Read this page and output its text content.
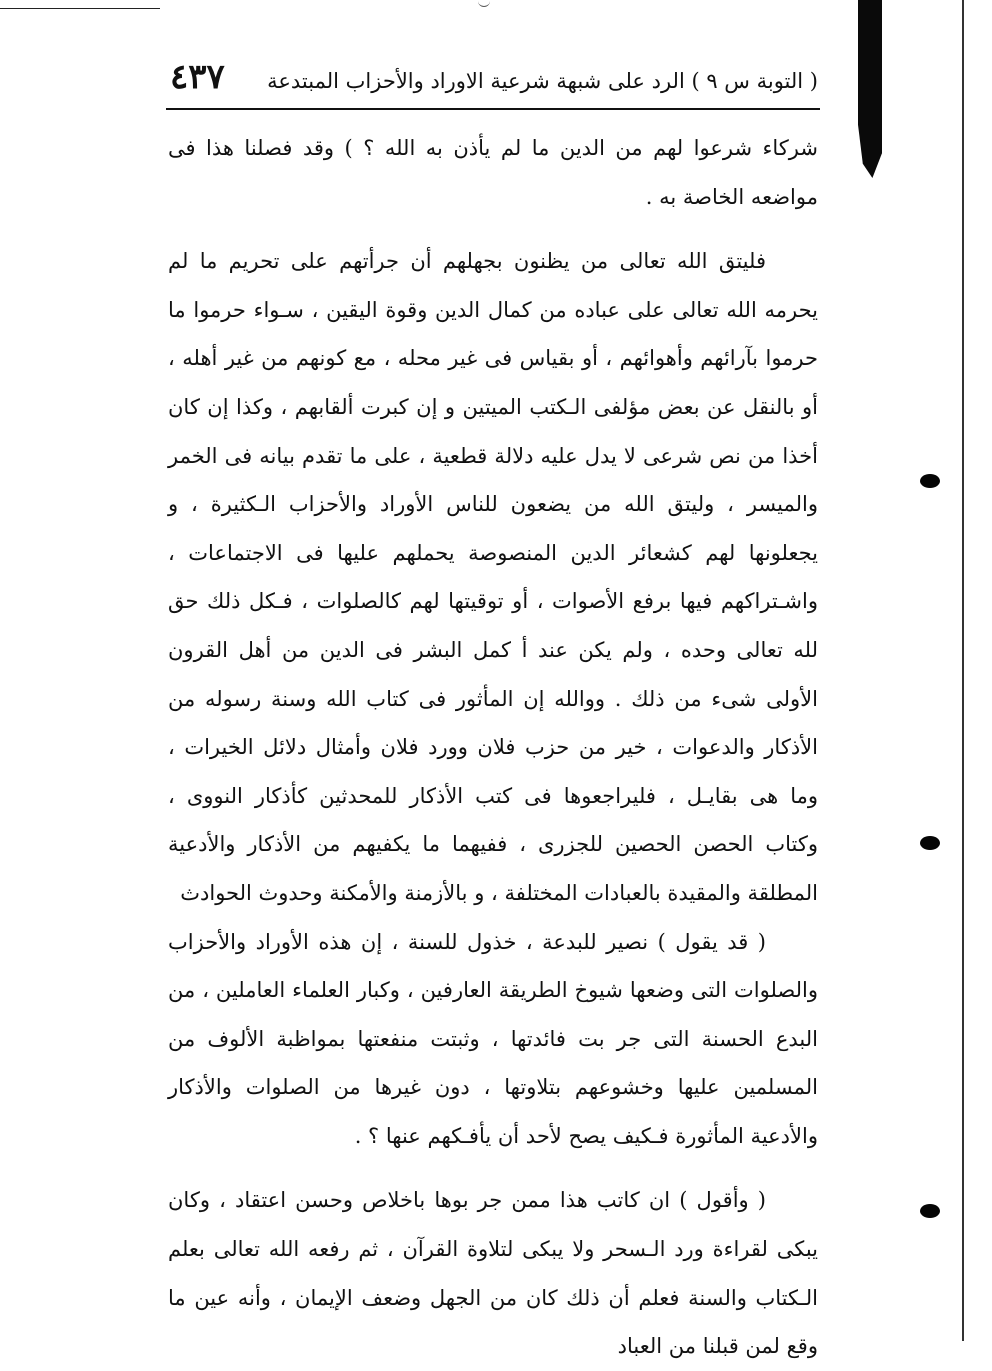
( التوبة س ٩ ) الرد على شبهة شرعية الاوراد والأحزاب المبتدعة
٤٣٧

شركاء شرعوا لهم من الدين ما لم يأذن به الله ؟ ) وقد فصلنا هذا فى مواضعه الخاصة به .

فليتق الله تعالى من يظنون بجهلهم أن جرأتهم على تحريم ما لم يحرمه الله تعالى على عباده من كمال الدين وقوة اليقين ، سـواء حرموا ما حرموا بآرائهم وأهوائهم ، أو بقياس فى غير محله ، مع كونهم من غير أهله ، أو بالنقل عن بعض مؤلفى الـكتب الميتين و إن كبرت ألقابهم ، وكذا إن كان أخذا من نص شرعى لا يدل عليه دلالة قطعية ، على ما تقدم بيانه فى الخمر والميسر ، وليتق الله من يضعون للناس الأوراد والأحزاب الـكثيرة ، و يجعلونها لهم كشعائر الدين المنصوصة يحملهم عليها فى الاجتماعات ، واشـتراكهم فيها برفع الأصوات ، أو توقيتها لهم كالصلوات ، فـكل ذلك حق لله تعالى وحده ، ولم يكن عند أ كمل البشر فى الدين من أهل القرون الأولى شىء من ذلك . ووالله إن المأثور فى كتاب الله وسنة رسوله من الأذكار والدعوات ، خير من حزب فلان وورد فلان وأمثال دلائل الخيرات ، وما هى بقايـل ، فليراجعوها فى كتب الأذكار للمحدثين كأذكار النووى ، وكتاب الحصن الحصين للجزرى ، ففيهما ما يكفيهم من الأذكار والأدعية المطلقة والمقيدة بالعبادات المختلفة ، و بالأزمنة والأمكنة وحدوث الحوادث

( قد يقول ) نصير للبدعة ، خذول للسنة ، إن هذه الأوراد والأحزاب والصلوات التى وضعها شيوخ الطريقة العارفين ، وكبار العلماء العاملين ، من البدع الحسنة التى جر بت فائدتها ، وثبتت منفعتها بمواظبة الألوف من المسلمين عليها وخشوعهم بتلاوتها ، دون غيرها من الصلوات والأذكار والأدعية المأثورة فـكيف يصح لأحد أن يأفـكهم عنها ؟ .

( وأقول ) ان كاتب هذا ممن جر بوها باخلاص وحسن اعتقاد ، وكان يبكى لقراءة ورد الـسحر ولا يبكى لتلاوة القرآن ، ثم رفعه الله تعالى بعلم الـكتاب والسنة فعلم أن ذلك كان من الجهل وضعف الإيمان ، وأنه عين ما وقع لمن قبلنا من العباد
